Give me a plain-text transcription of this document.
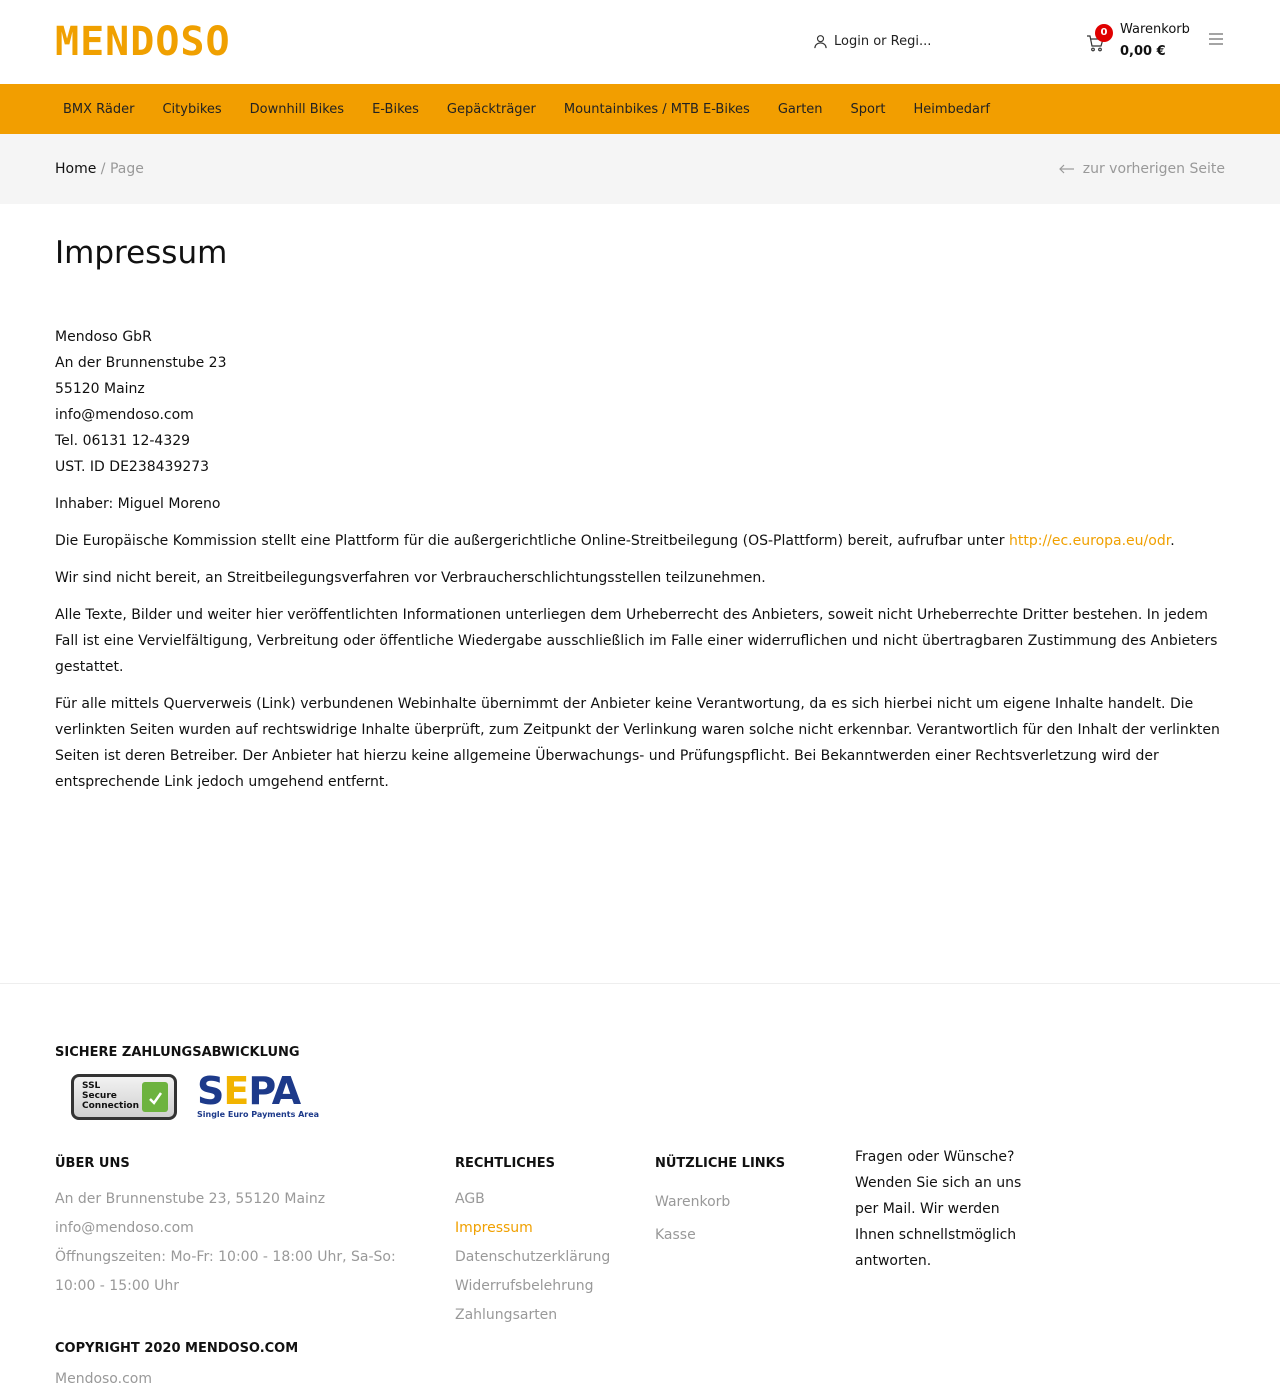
MENDOSO	Login or Regi...
0 Warenkorb
0,00 €
BMX Räder Citybikes Downhill Bikes E-Bikes Gepäckträger Mountainbikes / MTB E-Bikes Garten Sport Heimbedarf
Home / Page	zur vorherigen Seite
Impressum

Mendoso GbR
An der Brunnenstube 23
55120 Mainz
info@mendoso.com
Tel. 06131 12-4329
UST. ID DE238439273

Inhaber: Miguel Moreno

Die Europäische Kommission stellt eine Plattform für die außergerichtliche Online-Streitbeilegung (OS-Plattform) bereit, aufrufbar unter http://ec.europa.eu/odr.

Wir sind nicht bereit, an Streitbeilegungsverfahren vor Verbraucherschlichtungsstellen teilzunehmen.

Alle Texte, Bilder und weiter hier veröffentlichten Informationen unterliegen dem Urheberrecht des Anbieters, soweit nicht Urheberrechte Dritter bestehen. In jedem Fall ist eine Vervielfältigung, Verbreitung oder öffentliche Wiedergabe ausschließlich im Falle einer widerruflichen und nicht übertragbaren Zustimmung des Anbieters gestattet.

Für alle mittels Querverweis (Link) verbundenen Webinhalte übernimmt der Anbieter keine Verantwortung, da es sich hierbei nicht um eigene Inhalte handelt. Die verlinkten Seiten wurden auf rechtswidrige Inhalte überprüft, zum Zeitpunkt der Verlinkung waren solche nicht erkennbar. Verantwortlich für den Inhalt der verlinkten Seiten ist deren Betreiber. Der Anbieter hat hierzu keine allgemeine Überwachungs- und Prüfungspflicht. Bei Bekanntwerden einer Rechtsverletzung wird der entsprechende Link jedoch umgehend entfernt.

SICHERE ZAHLUNGSABWICKLUNG
SSL
Secure
Connection SEPA
Single Euro Payments Area
ÜBER UNS
An der Brunnenstube 23, 55120 Mainz
info@mendoso.com
Öffnungszeiten: Mo-Fr: 10:00 - 18:00 Uhr, Sa-So: 10:00 - 15:00 Uhr
RECHTLICHES
AGB
Impressum
Datenschutzerklärung
Widerrufsbelehrung
Zahlungsarten
NÜTZLICHE LINKS
Warenkorb
Kasse
Fragen oder Wünsche? Wenden Sie sich an uns per Mail. Wir werden Ihnen schnellstmöglich antworten.
COPYRIGHT 2020 MENDOSO.COM
Mendoso.com
